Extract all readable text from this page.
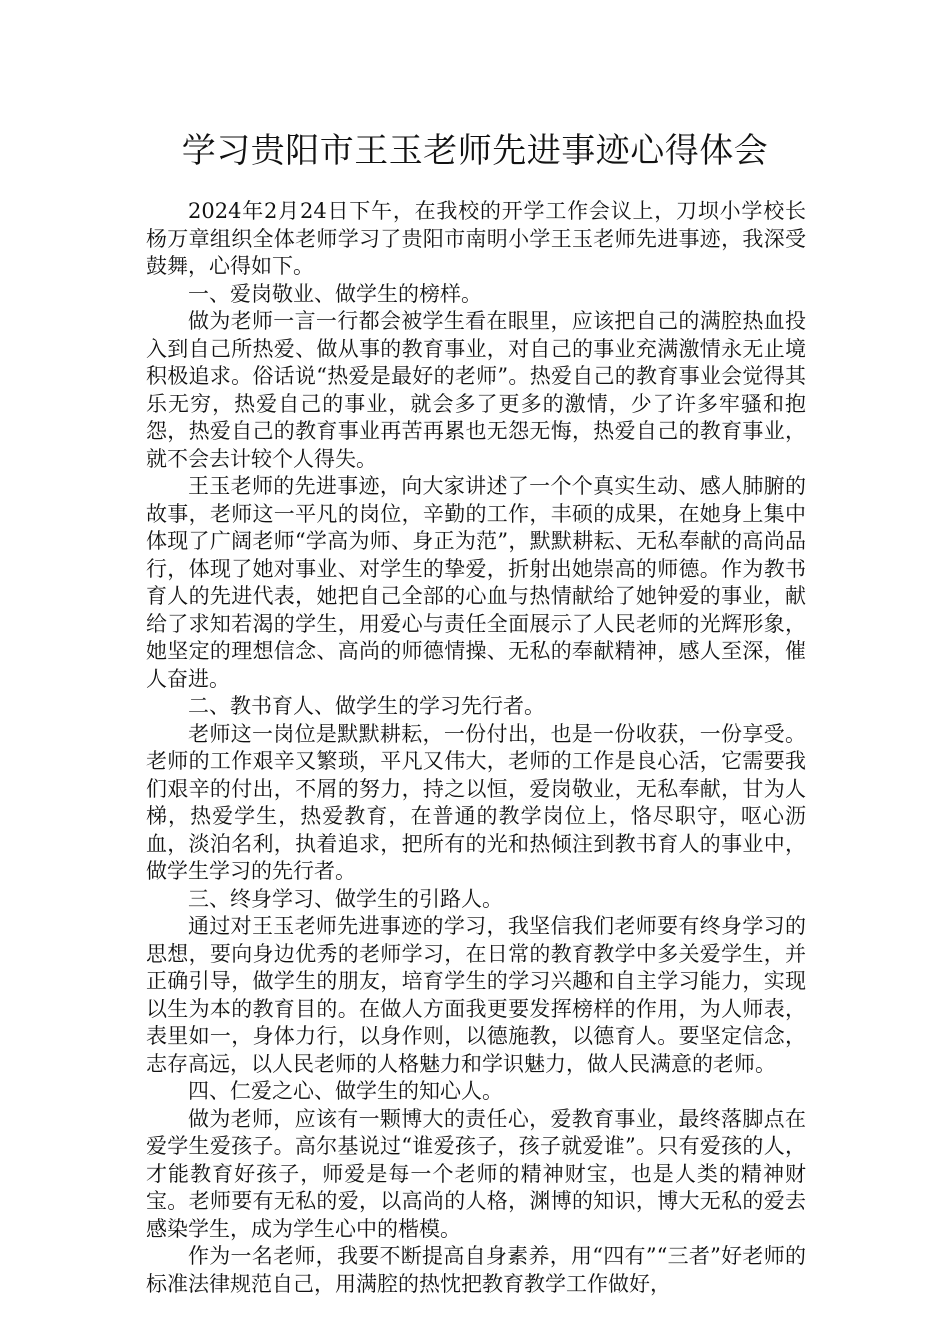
学习贵阳市王玉老师先进事迹心得体会

2024年2月24日下午，在我校的开学工作会议上，刀坝小学校长杨万章组织全体老师学习了贵阳市南明小学王玉老师先进事迹，我深受鼓舞，心得如下。

一、爱岗敬业、做学生的榜样。

做为老师一言一行都会被学生看在眼里，应该把自己的满腔热血投入到自己所热爱、做从事的教育事业，对自己的事业充满激情永无止境积极追求。俗话说“热爱是最好的老师”。热爱自己的教育事业会觉得其乐无穷，热爱自己的事业，就会多了更多的激情，少了许多牢骚和抱怨，热爱自己的教育事业再苦再累也无怨无悔，热爱自己的教育事业，就不会去计较个人得失。

王玉老师的先进事迹，向大家讲述了一个个真实生动、感人肺腑的故事，老师这一平凡的岗位，辛勤的工作，丰硕的成果，在她身上集中体现了广阔老师“学高为师、身正为范”，默默耕耘、无私奉献的高尚品行，体现了她对事业、对学生的挚爱，折射出她崇高的师德。作为教书育人的先进代表，她把自己全部的心血与热情献给了她钟爱的事业，献给了求知若渴的学生，用爱心与责任全面展示了人民老师的光辉形象，她坚定的理想信念、高尚的师德情操、无私的奉献精神，感人至深，催人奋进。

二、教书育人、做学生的学习先行者。

老师这一岗位是默默耕耘，一份付出，也是一份收获，一份享受。老师的工作艰辛又繁琐，平凡又伟大，老师的工作是良心活，它需要我们艰辛的付出，不屑的努力，持之以恒，爱岗敬业，无私奉献，甘为人梯，热爱学生，热爱教育，在普通的教学岗位上，恪尽职守，呕心沥血，淡泊名利，执着追求，把所有的光和热倾注到教书育人的事业中，做学生学习的先行者。

三、终身学习、做学生的引路人。

通过对王玉老师先进事迹的学习，我坚信我们老师要有终身学习的思想，要向身边优秀的老师学习，在日常的教育教学中多关爱学生，并正确引导，做学生的朋友，培育学生的学习兴趣和自主学习能力，实现以生为本的教育目的。在做人方面我更要发挥榜样的作用，为人师表，表里如一，身体力行，以身作则，以德施教，以德育人。要坚定信念，志存高远，以人民老师的人格魅力和学识魅力，做人民满意的老师。

四、仁爱之心、做学生的知心人。

做为老师，应该有一颗博大的责任心，爱教育事业，最终落脚点在爱学生爱孩子。高尔基说过“谁爱孩子，孩子就爱谁”。只有爱孩的人，才能教育好孩子，师爱是每一个老师的精神财宝，也是人类的精神财宝。老师要有无私的爱，以高尚的人格，渊博的知识，博大无私的爱去感染学生，成为学生心中的楷模。

作为一名老师，我要不断提高自身素养，用“四有”“三者”好老师的标准法律规范自己，用满腔的热忱把教育教学工作做好，
